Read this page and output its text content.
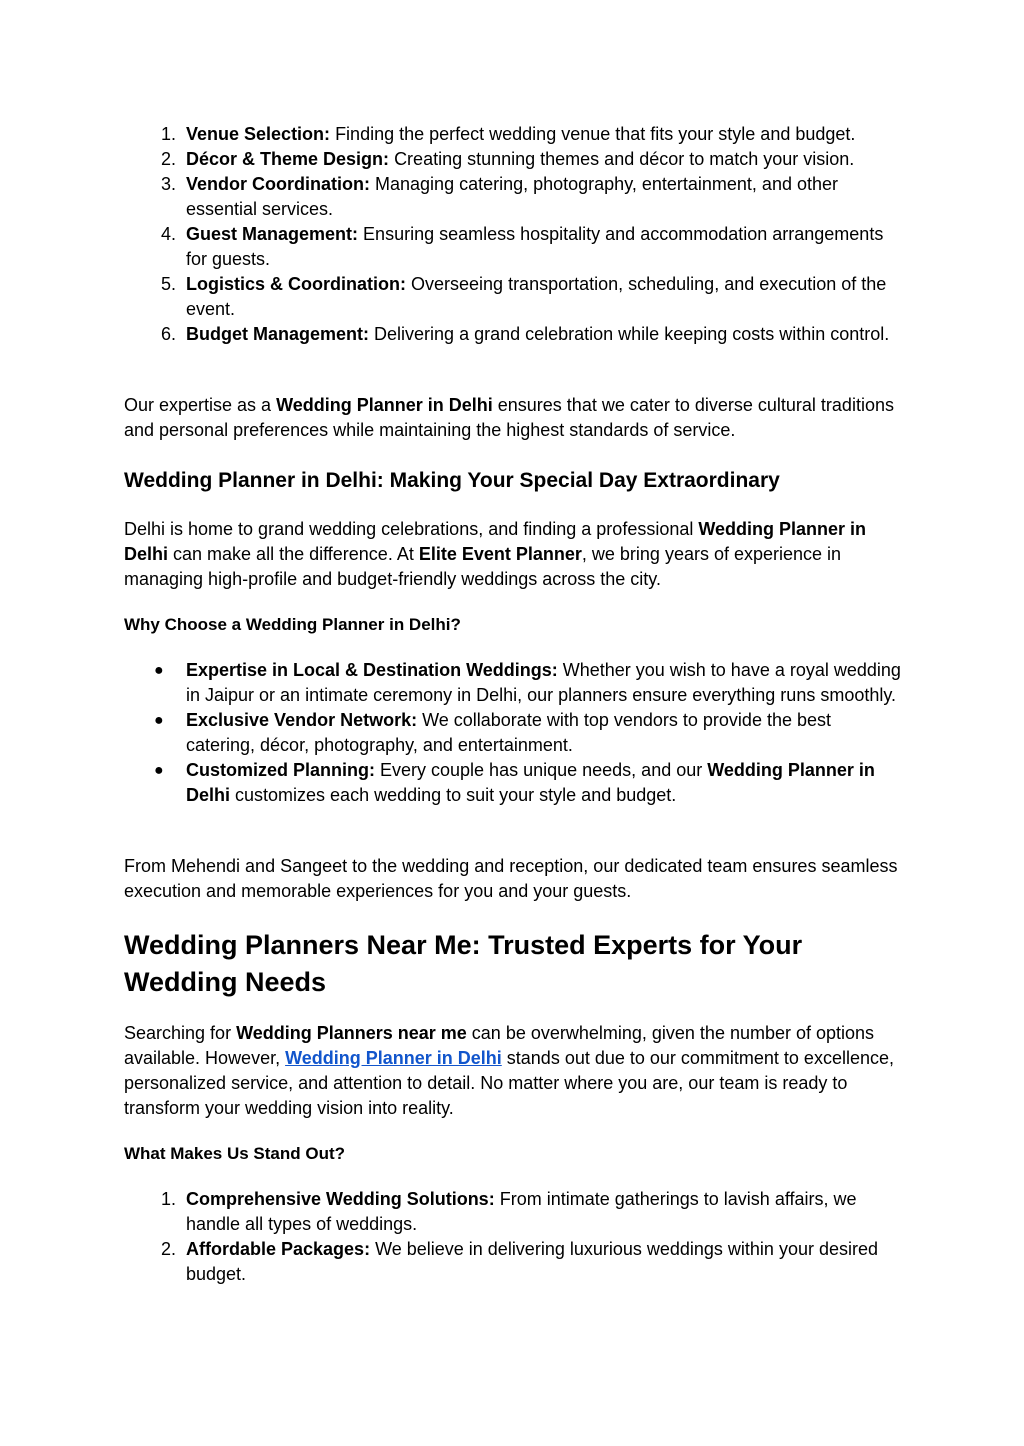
1. Venue Selection: Finding the perfect wedding venue that fits your style and budget.
2. Décor & Theme Design: Creating stunning themes and décor to match your vision.
3. Vendor Coordination: Managing catering, photography, entertainment, and other essential services.
4. Guest Management: Ensuring seamless hospitality and accommodation arrangements for guests.
5. Logistics & Coordination: Overseeing transportation, scheduling, and execution of the event.
6. Budget Management: Delivering a grand celebration while keeping costs within control.

Our expertise as a Wedding Planner in Delhi ensures that we cater to diverse cultural traditions and personal preferences while maintaining the highest standards of service.

Wedding Planner in Delhi: Making Your Special Day Extraordinary

Delhi is home to grand wedding celebrations, and finding a professional Wedding Planner in Delhi can make all the difference. At Elite Event Planner, we bring years of experience in managing high-profile and budget-friendly weddings across the city.

Why Choose a Wedding Planner in Delhi?
●	Expertise in Local & Destination Weddings: Whether you wish to have a royal wedding in Jaipur or an intimate ceremony in Delhi, our planners ensure everything runs smoothly.
●	Exclusive Vendor Network: We collaborate with top vendors to provide the best catering, décor, photography, and entertainment.
●	Customized Planning: Every couple has unique needs, and our Wedding Planner in Delhi customizes each wedding to suit your style and budget.

From Mehendi and Sangeet to the wedding and reception, our dedicated team ensures seamless execution and memorable experiences for you and your guests.

Wedding Planners Near Me: Trusted Experts for Your Wedding Needs

Searching for Wedding Planners near me can be overwhelming, given the number of options available. However, Wedding Planner in Delhi stands out due to our commitment to excellence, personalized service, and attention to detail. No matter where you are, our team is ready to transform your wedding vision into reality.

What Makes Us Stand Out?
1. Comprehensive Wedding Solutions: From intimate gatherings to lavish affairs, we handle all types of weddings.
2. Affordable Packages: We believe in delivering luxurious weddings within your desired budget.
